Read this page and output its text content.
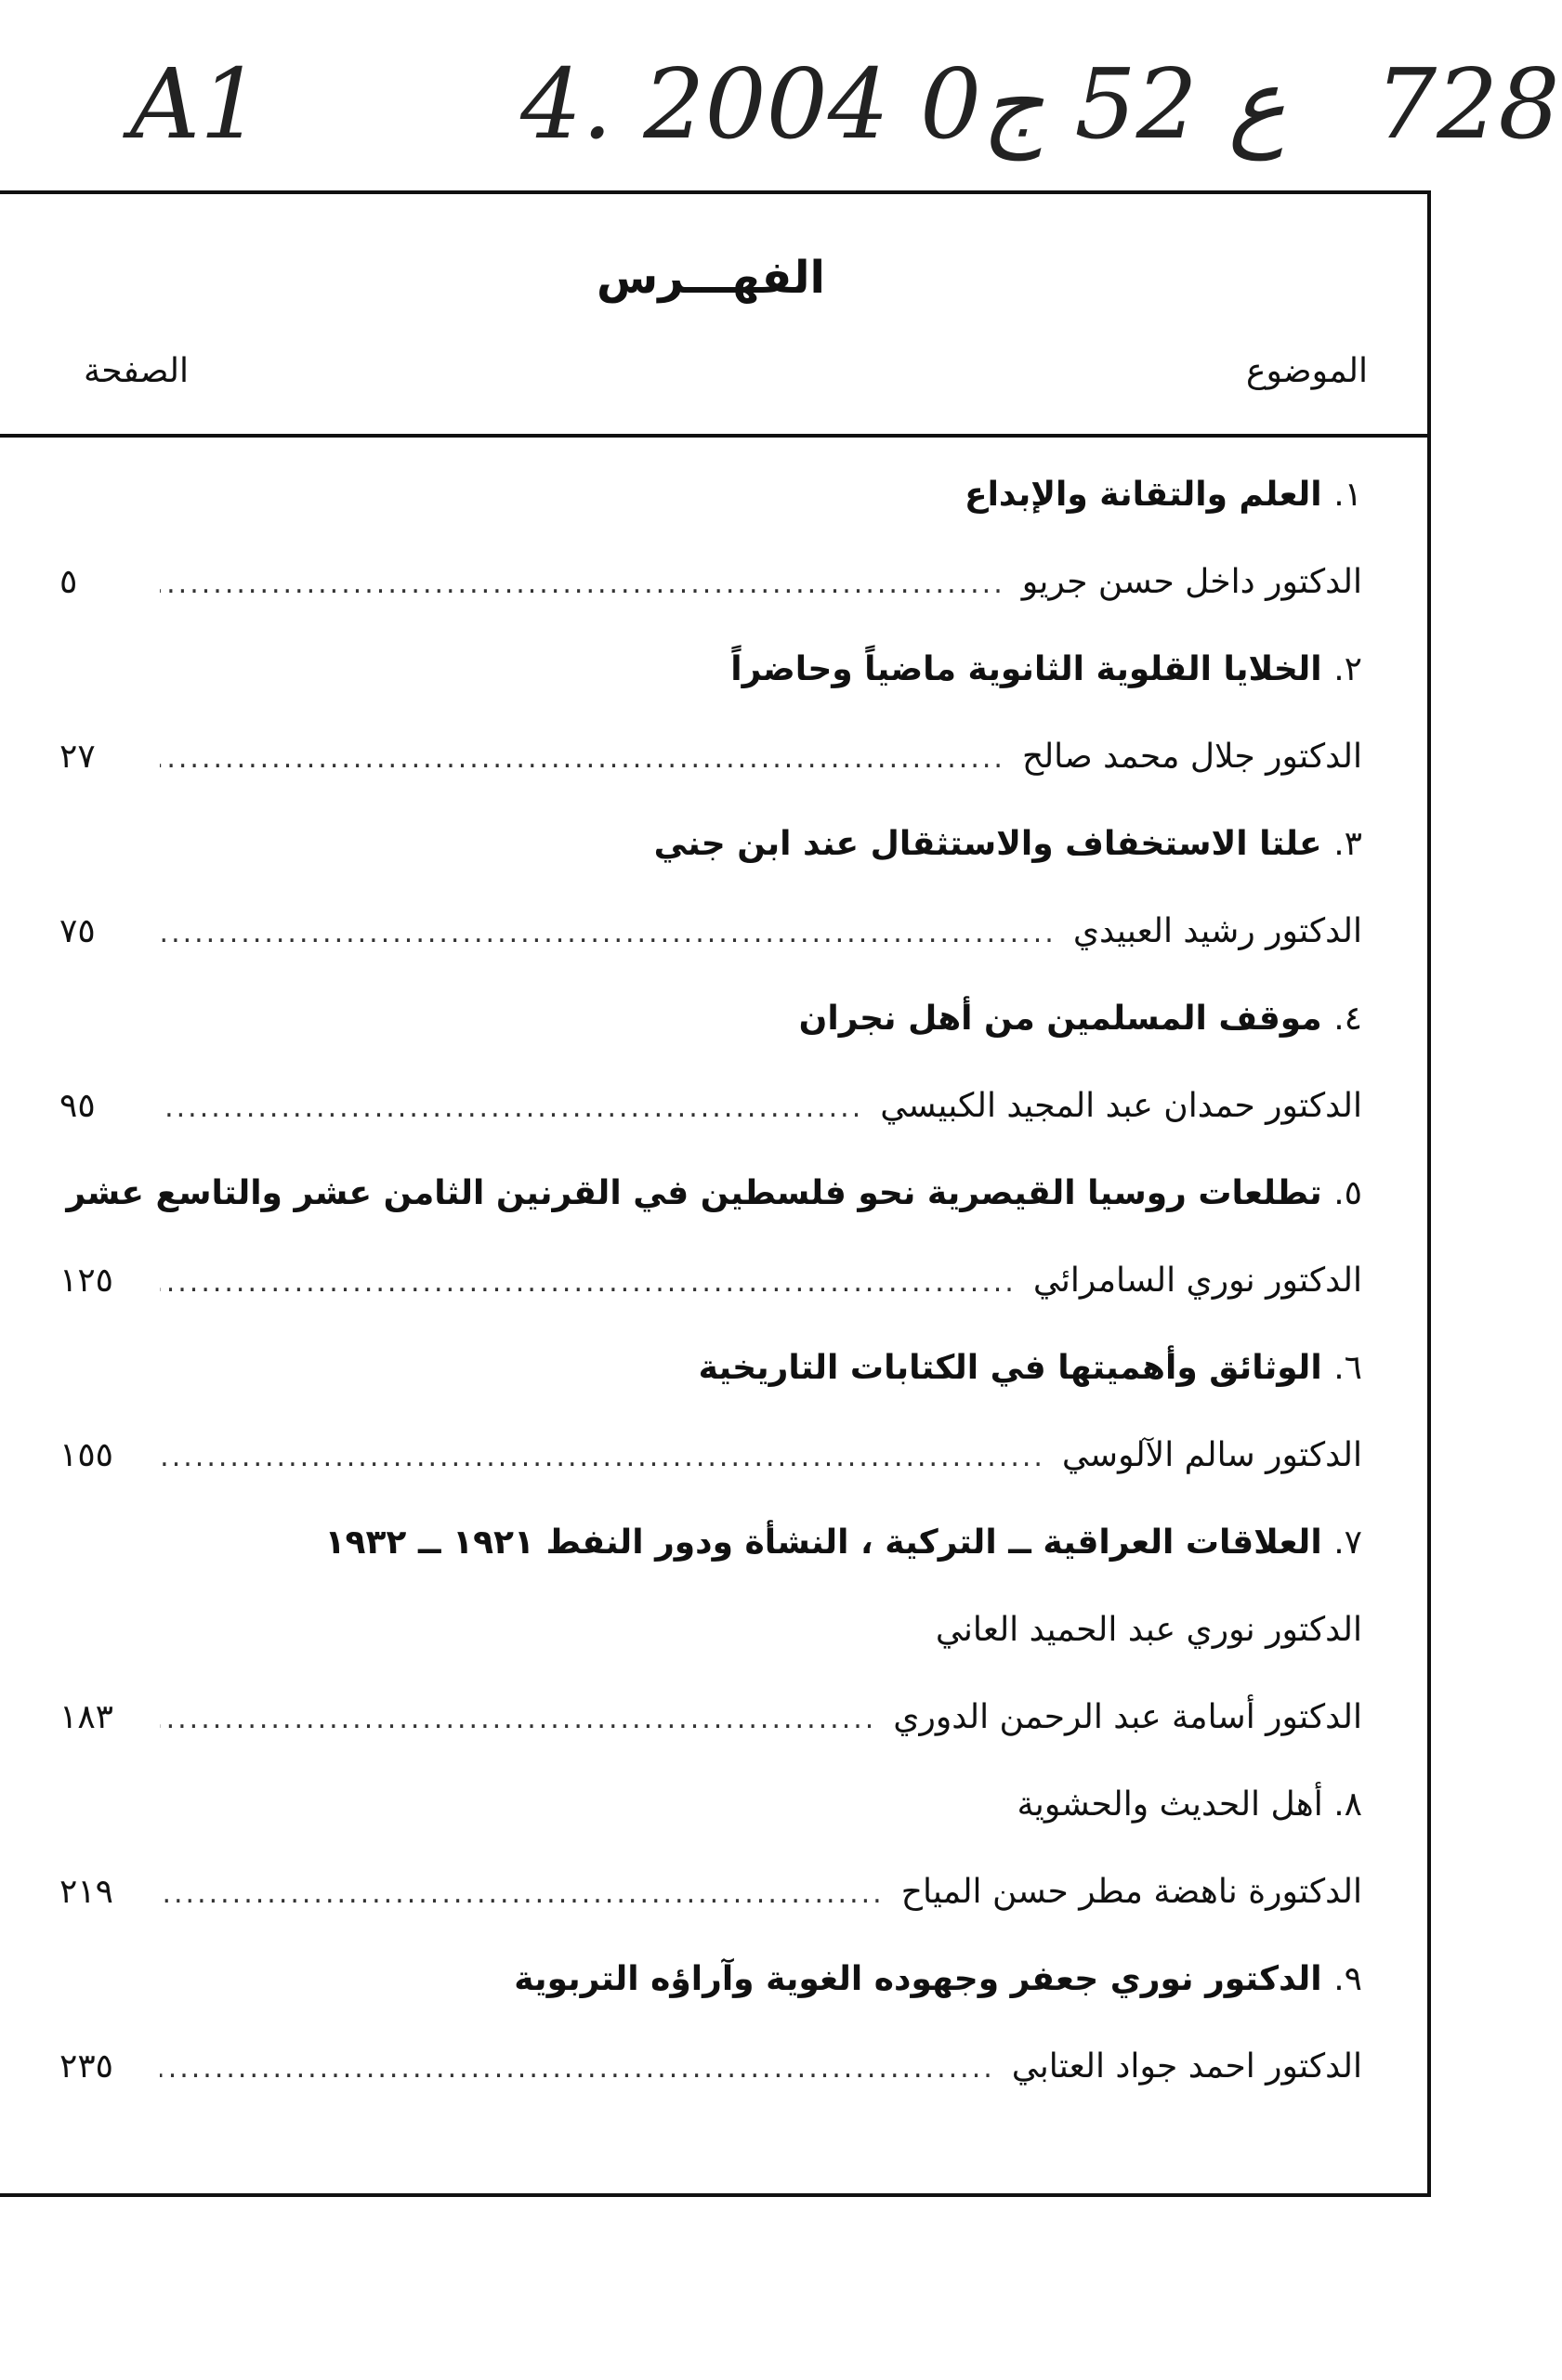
A1	4. ع 52 ج0 2004 728
الفهـــرس
الموضوع
الصفحة
١. العلم والتقانة والإبداع
الدكتور داخل حسن جريو
.....
٥
٢. الخلايا القلوية الثانوية ماضياً وحاضراً
الدكتور جلال محمد صالح
.....
٢٧
٣. علتا الاستخفاف والاستثقال عند ابن جني
الدكتور رشيد العبيدي
.....
٧٥
٤. موقف المسلمين من أهل نجران
الدكتور حمدان عبد المجيد الكبيسي
.....
٩٥
٥. تطلعات روسيا القيصرية نحو فلسطين في القرنين الثامن عشر والتاسع عشر
الدكتور نوري السامرائي
.....
١٢٥
٦. الوثائق وأهميتها في الكتابات التاريخية
الدكتور سالم الآلوسي
.....
١٥٥
٧. العلاقات العراقية ــ التركية ، النشأة ودور النفط ١٩٢١ ــ ١٩٣٢
الدكتور نوري عبد الحميد العاني
الدكتور أسامة عبد الرحمن الدوري
.....
١٨٣
٨. أهل الحديث والحشوية
الدكتورة ناهضة مطر حسن المياح
.....
٢١٩
٩. الدكتور نوري جعفر وجهوده الغوية وآراؤه التربوية
الدكتور احمد جواد العتابي
.....
٢٣٥
